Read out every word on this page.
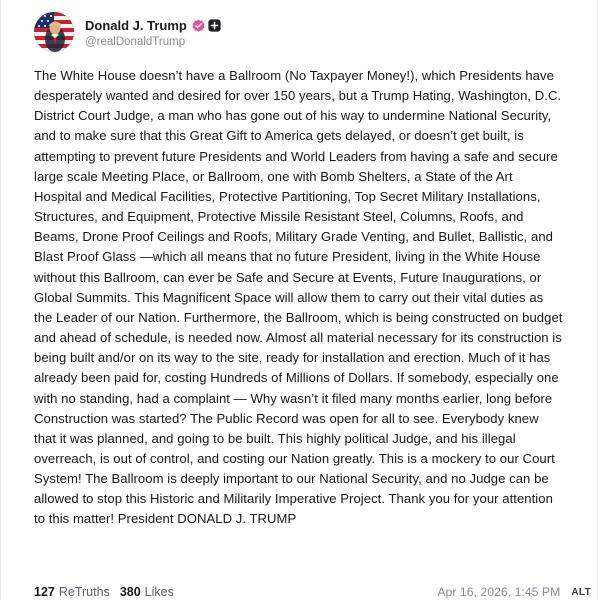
Donald J. Trump
@realDonaldTrump

The White House doesn’t have a Ballroom (No Taxpayer Money!), which Presidents have desperately wanted and desired for over 150 years, but a Trump Hating, Washington, D.C. District Court Judge, a man who has gone out of his way to undermine National Security, and to make sure that this Great Gift to America gets delayed, or doesn’t get built, is attempting to prevent future Presidents and World Leaders from having a safe and secure large scale Meeting Place, or Ballroom, one with Bomb Shelters, a State of the Art Hospital and Medical Facilities, Protective Partitioning, Top Secret Military Installations, Structures, and Equipment, Protective Missile Resistant Steel, Columns, Roofs, and Beams, Drone Proof Ceilings and Roofs, Military Grade Venting, and Bullet, Ballistic, and Blast Proof Glass —which all means that no future President, living in the White House without this Ballroom, can ever be Safe and Secure at Events, Future Inaugurations, or Global Summits. This Magnificent Space will allow them to carry out their vital duties as the Leader of our Nation. Furthermore, the Ballroom, which is being constructed on budget and ahead of schedule, is needed now. Almost all material necessary for its construction is being built and/or on its way to the site, ready for installation and erection. Much of it has already been paid for, costing Hundreds of Millions of Dollars. If somebody, especially one with no standing, had a complaint — Why wasn’t it filed many months earlier, long before Construction was started? The Public Record was open for all to see. Everybody knew that it was planned, and going to be built. This highly political Judge, and his illegal overreach, is out of control, and costing our Nation greatly. This is a mockery to our Court System! The Ballroom is deeply important to our National Security, and no Judge can be allowed to stop this Historic and Militarily Imperative Project. Thank you for your attention to this matter! President DONALD J. TRUMP

127 ReTruths 380 Likes	Apr 16, 2026, 1:45 PM ALT
